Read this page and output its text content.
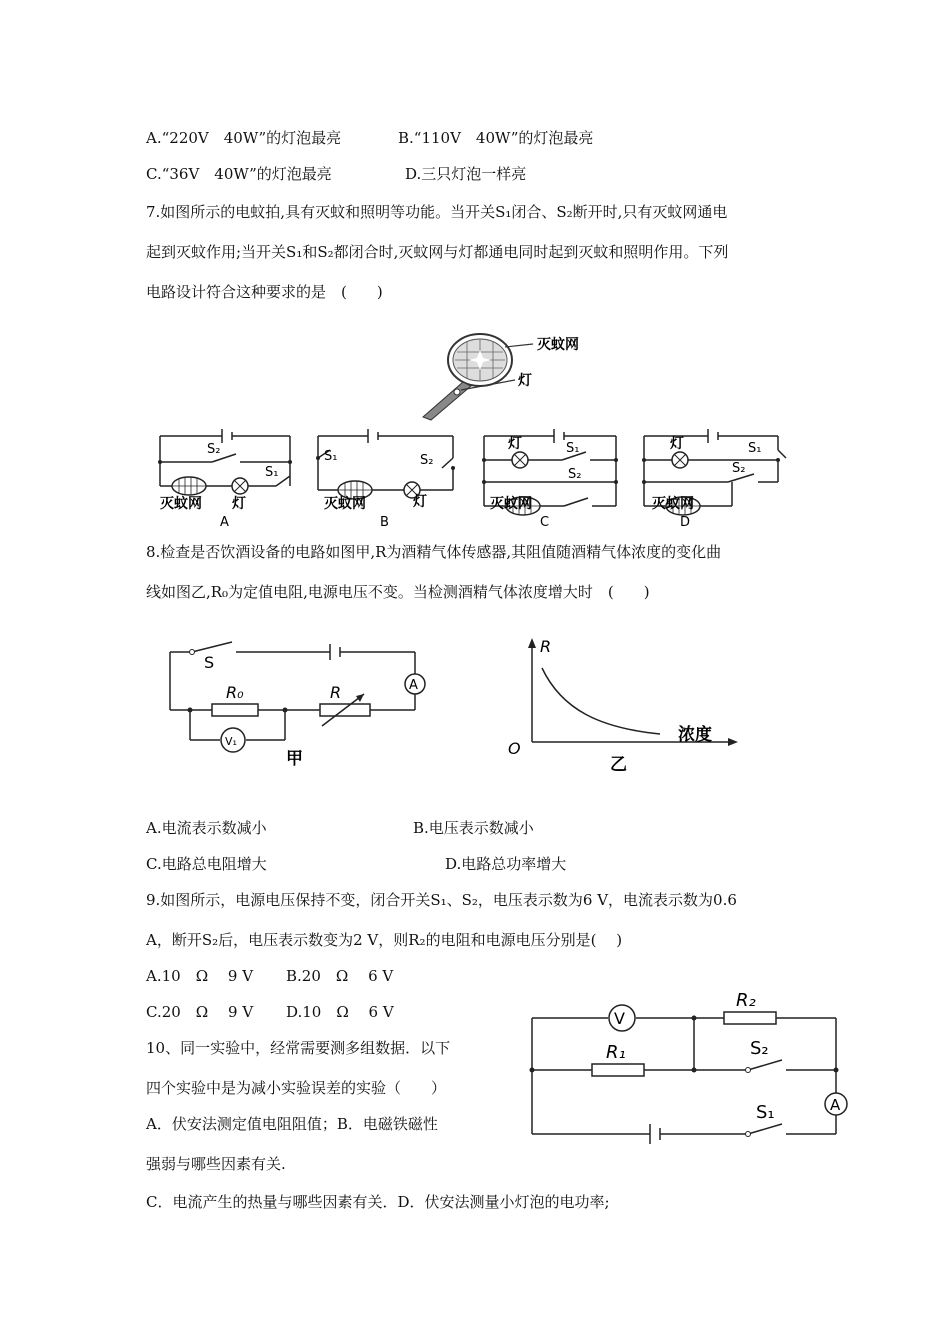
A.“220V　40W”的灯泡最亮	B.“110V　40W”的灯泡最亮
C.“36V　40W”的灯泡最亮	D.三只灯泡一样亮
7.如图所示的电蚊拍,具有灭蚊和照明等功能。当开关S₁闭合、S₂断开时,只有灭蚊网通电
起到灭蚊作用;当开关S₁和S₂都闭合时,灭蚊网与灯都通电同时起到灭蚊和照明作用。下列
电路设计符合这种要求的是　(　　)
灭蚊网
灯
S₂
S₁
灭蚊网 灯
A
S₁	S₂
灭蚊网	灯
B
灯	S₁
S₂
灭蚊网
C
灯	S₁
S₂
灭蚊网
D
8.检查是否饮酒设备的电路如图甲,R为酒精气体传感器,其阻值随酒精气体浓度的变化曲
线如图乙,R₀为定值电阻,电源电压不变。当检测酒精气体浓度增大时　(　　)
S
R₀	R	A
V₁
甲
R
O
浓度
乙
A.电流表示数减小	B.电压表示数减小
C.电路总电阻增大	D.电路总功率增大
9.如图所示，电源电压保持不变，闭合开关S₁、S₂，电压表示数为6 V，电流表示数为0.6
A，断开S₂后，电压表示数变为2 V，则R₂的电阻和电源电压分别是(　 )
A.10　Ω　 9 V B.20　Ω　 6 V
C.20　Ω　 9 V D.10　Ω　 6 V	V
A
R₂
R₁	S₂
S₁
10、同一实验中，经常需要测多组数据．以下
四个实验中是为减小实验误差的实验（　　）
A．伏安法测定值电阻阻值；B．电磁铁磁性
强弱与哪些因素有关.
C．电流产生的热量与哪些因素有关．D．伏安法测量小灯泡的电功率;
